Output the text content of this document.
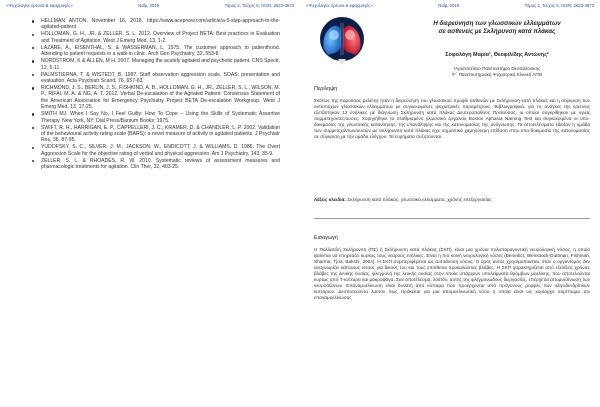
«Ψυχολογία: έρευνα & εφαρμογές»	Ναΐμ, 2019	Τόμος 2, Τεύχος 5, ISSN: 2623-3673
HELLMAN ANTON, November 16, 2018, https://www.acepnow.com/article/a-5-step-approach-to-the-agitated-patient
HOLLOMAN, G. H., JR. & ZELLER, S. L. 2012. Overview of Project BETA: Best practices in Evaluation and Treatment of Agitation. West J Emerg Med, 13, 1-2.
LAZARE, A., EISENTHAL, S. & WASSERMAN, L. 1975. The customer approach to patienthood. Attending to patient requests in a walk-in clinic. Arch Gen Psychiatry, 32, 553-8.
NORDSTROM, K & ALLEN, M H. 2007. Managing the acutely agitated and psychotic patient. CNS Spectr, 12, 5-11.
PALMSTIERNA, T. & WISTEDT, B. 1987. Staff observation aggression scale, SOAS: presentation and evaluation. Acta Psychiatr Scand, 76, 657-63.
RICHMOND, J. S., BERLIN, J. S., FISHKIND, A. B., HOLLOMAN, G. H., JR., ZELLER, S. L., WILSON, M. P., RIFAI, M. A. & NG, A. T. 2012. Verbal De-escalation of the Agitated Patient: Consensus Statement of the American Association for Emergency Psychiatry Project BETA De-escalation Workgroup. West J Emerg Med, 13, 17-25.
SMITH MJ. When I Say No, I Feel Guilty: How To Cope – Using the Skills of Systematic Assertive Therapy. New York, NY: Dial Press/Bantum Books; 1975.
SWIFT, R. H., HARRIGAN, E. P., CAPPELLERI, J. C., KRAMER, D. & CHANDLER, L. P. 2002. Validation of the behavioural activity rating scale (BARS): a novel measure of activity in agitated patients. J Psychiatr Res, 36, 87-95.
YUDOFSKY, S. C., SILVER, J. M., JACKSON, W., ENDICOTT, J. & WILLIAMS, D. 1986. The Overt Aggression Scale for the objective rating of verbal and physical aggression. Am J Psychiatry, 143, 35-9.
ZELLER, S. L. & RHOADES, R. W. 2010. Systematic reviews of assessment measures and pharmacologic treatments for agitation. Clin Ther, 32, 403-25.
«Ψυχολογία: έρευνα & εφαρμογές»	Ναΐμ, 2019	Τόμος 2, Τεύχος 5, ISSN: 2623-3673
Η διερεύνηση των γλωσσικών ελλειμμάτων
σε ασθενείς με Σκλήρυνση κατά πλάκας
Σοφολόγη Μαρία¹, Θεοφιλίδης Αντώνης²
¹Αριστοτέλειο Πανεπιστήμιο Θεσσαλονίκης
²Γ΄ Πανεπιστημιακή Ψυχιατρική Κλινική ΑΠΘ
Περίληψη
Σκόπος της παρούσας μελέτης ήταν η διερεύνηση του γλωσσικού προφίλ ασθενών με Σκλήρυνση κατά πλάκας και η σύγκριση των αντίστοιχων γλωσσικών ελλειμμάτων με συγκεκριμένες ψυχιατρικές παραμέτρους. Βιβλιογραφικά, για τις ανάγκες της έρευνας εξετάστηκαν 12 ενήλικες με διάγνωση Σκλήρυνση κατά πλάκας Δευτεροπαθούς Προϊούσας, οι οποίοι συγκρίθηκαν με υγιείς συμμετέχοντες/ουσες. Χορηγήθηκε το σταθμισμένο γλωσσικό εργαλείο Boston Aphasia Naming Test και συγκεκριμένα οι υπο-δοκιμασίες της γλωσσικής κατανόησης, της επανάληψης και της κατονομασίας της ανάγνωσης. Τα αποτελέσματα έδειξαν η ομάδα των συμμετεχόντων/ουσών με σκλήρυνση κατά πλάκας είχε σημαντικά χαμηλότερη επίδοση στην υπο-δοκιμασία της κατονομασίας σε σύγκριση με την ομάδα ελέγχου. Τα ευρήματα συζητούνται.
Λέξεις κλειδιά: Σκλήρυνση κατά πλάκας, γλωσσικά ελλείμματα, χρόνος επεξεργασίας
Εισαγωγή
Η Πολλαπλή Σκλήρυνση (ΠΣ) ή Σκλήρυνση κατά πλάκας (ΣΚΠ), είναι μια χρόνια πολυπαραγοντική νευρολογική νόσος, η οποία φαίνεται να επηρεάζει κυρίως τους νεαρούς ενήλικες. Είναι η πιο κοινή νευρολογική νόσος (Benedict, Weinstock-Guttman, Fishman, Sharma, Tjoa, Bakshi, 2004). Η ΣΚΠ συμπεριφέρεται ως αυτοάνοση νόσος. Ο όρος αυτός χρησιμοποιείται, όταν ο οργανισμός δεν αναγνωρίζει κάποιους ιστούς για δικούς του και τους επιτίθεται προκαλώντας βλάβες. Η ΣΚΠ χαρακτηρίζεται από εξελίξεις χρόνιες βλάβες της λευκής ουσίας, φλεγμονή της λευκής ουσίας στην οποία υπάρχουν υπολείμματα θρόμβων μυελίνης, που αποτελούνται κυρίως από Τ-κύτταρα και μακροφάγα. Σαν αποτέλεσμα, λοιπόν, αυτής της φλεγμονώδους διεργασίας, επέρχεται απομυελίνωση των νευροάξονων. Επαναμυελίνωση είναι δυνατή από κύτταρα που προέρχονται από πρόγονους μορφές των ολιγοδενδρίτικων κυττάρων. Δεσποτεύοντα λοιπόν πως πρόκειται για μια απομυελινωτική νόσο η οποία είναι ως κυρίαρχο σύμπτωμα την επαναμυελίνωσης
